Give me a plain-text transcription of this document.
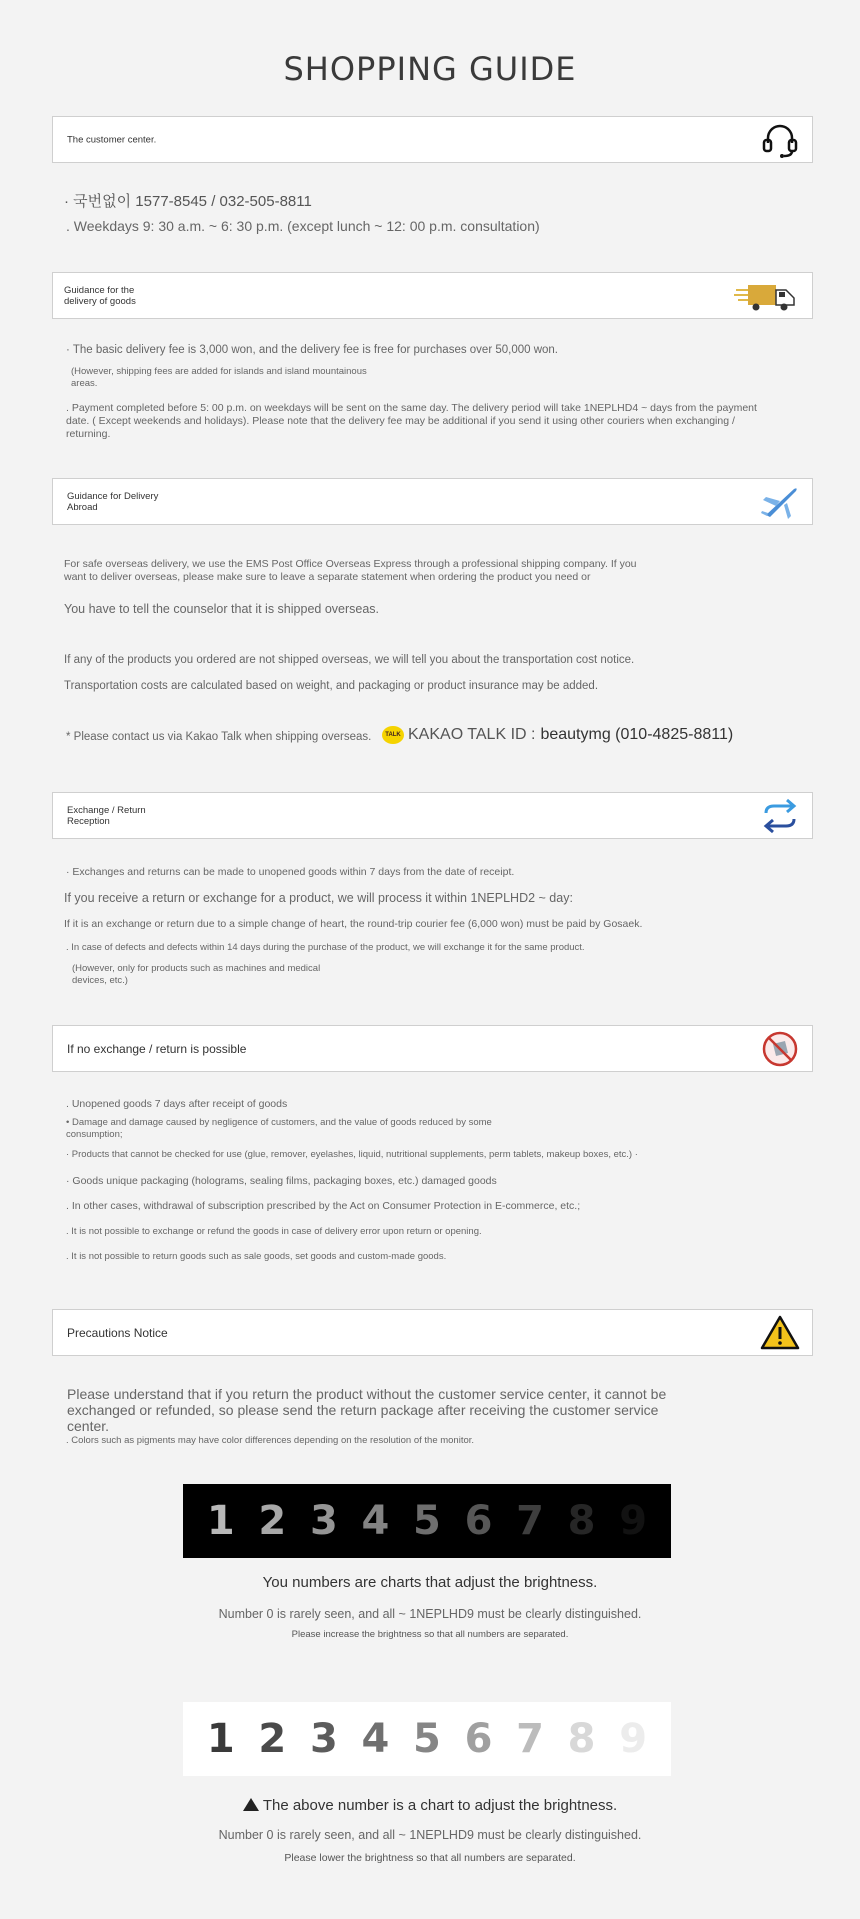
SHOPPING GUIDE
The customer center.
· 국번없이 1577-8545 / 032-505-8811
. Weekdays 9: 30 a.m. ~ 6: 30 p.m. (except lunch ~ 12: 00 p.m. consultation)
Guidance for the delivery of goods
· The basic delivery fee is 3,000 won, and the delivery fee is free for purchases over 50,000 won.
(However, shipping fees are added for islands and island mountainous areas.
. Payment completed before 5: 00 p.m. on weekdays will be sent on the same day. The delivery period will take 1NEPLHD4 ~ days from the payment date. ( Except weekends and holidays). Please note that the delivery fee may be additional if you send it using other couriers when exchanging / returning.
Guidance for Delivery Abroad
For safe overseas delivery, we use the EMS Post Office Overseas Express through a professional shipping company. If you want to deliver overseas, please make sure to leave a separate statement when ordering the product you need or
You have to tell the counselor that it is shipped overseas.
If any of the products you ordered are not shipped overseas, we will tell you about the transportation cost notice.
Transportation costs are calculated based on weight, and packaging or product insurance may be added.
* Please contact us via Kakao Talk when shipping overseas.	TALK KAKAO TALK ID : beautymg (010-4825-8811)
Exchange / Return Reception
· Exchanges and returns can be made to unopened goods within 7 days from the date of receipt.
If you receive a return or exchange for a product, we will process it within 1NEPLHD2 ~ day:
If it is an exchange or return due to a simple change of heart, the round-trip courier fee (6,000 won) must be paid by Gosaek.
. In case of defects and defects within 14 days during the purchase of the product, we will exchange it for the same product.
(However, only for products such as machines and medical devices, etc.)
If no exchange / return is possible
. Unopened goods 7 days after receipt of goods
• Damage and damage caused by negligence of customers, and the value of goods reduced by some consumption;
· Products that cannot be checked for use (glue, remover, eyelashes, liquid, nutritional supplements, perm tablets, makeup boxes, etc.) ·
· Goods unique packaging (holograms, sealing films, packaging boxes, etc.) damaged goods
. In other cases, withdrawal of subscription prescribed by the Act on Consumer Protection in E-commerce, etc.;
. It is not possible to exchange or refund the goods in case of delivery error upon return or opening.
. It is not possible to return goods such as sale goods, set goods and custom-made goods.
Precautions Notice
Please understand that if you return the product without the customer service center, it cannot be exchanged or refunded, so please send the return package after receiving the customer service center.
. Colors such as pigments may have color differences depending on the resolution of the monitor.
1 2 3 4 5 6 7 8 9
You numbers are charts that adjust the brightness.
Number 0 is rarely seen, and all ~ 1NEPLHD9 must be clearly distinguished.
Please increase the brightness so that all numbers are separated.
1 2 3 4 5 6 7 8 9
The above number is a chart to adjust the brightness.
Number 0 is rarely seen, and all ~ 1NEPLHD9 must be clearly distinguished.
Please lower the brightness so that all numbers are separated.
